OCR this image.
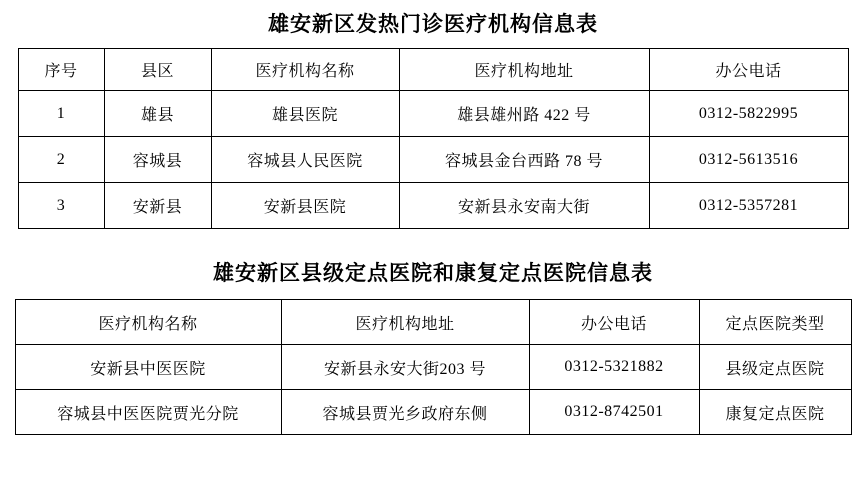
雄安新区发热门诊医疗机构信息表
序号	县区	医疗机构名称	医疗机构地址	办公电话
1	雄县	雄县医院	雄县雄州路 422 号	0312-5822995
2	容城县	容城县人民医院	容城县金台西路 78 号	0312-5613516
3	安新县	安新县医院	安新县永安南大街	0312-5357281
雄安新区县级定点医院和康复定点医院信息表
医疗机构名称	医疗机构地址	办公电话	定点医院类型
安新县中医医院	安新县永安大街203 号	0312-5321882	县级定点医院
容城县中医医院贾光分院	容城县贾光乡政府东侧	0312-8742501	康复定点医院
